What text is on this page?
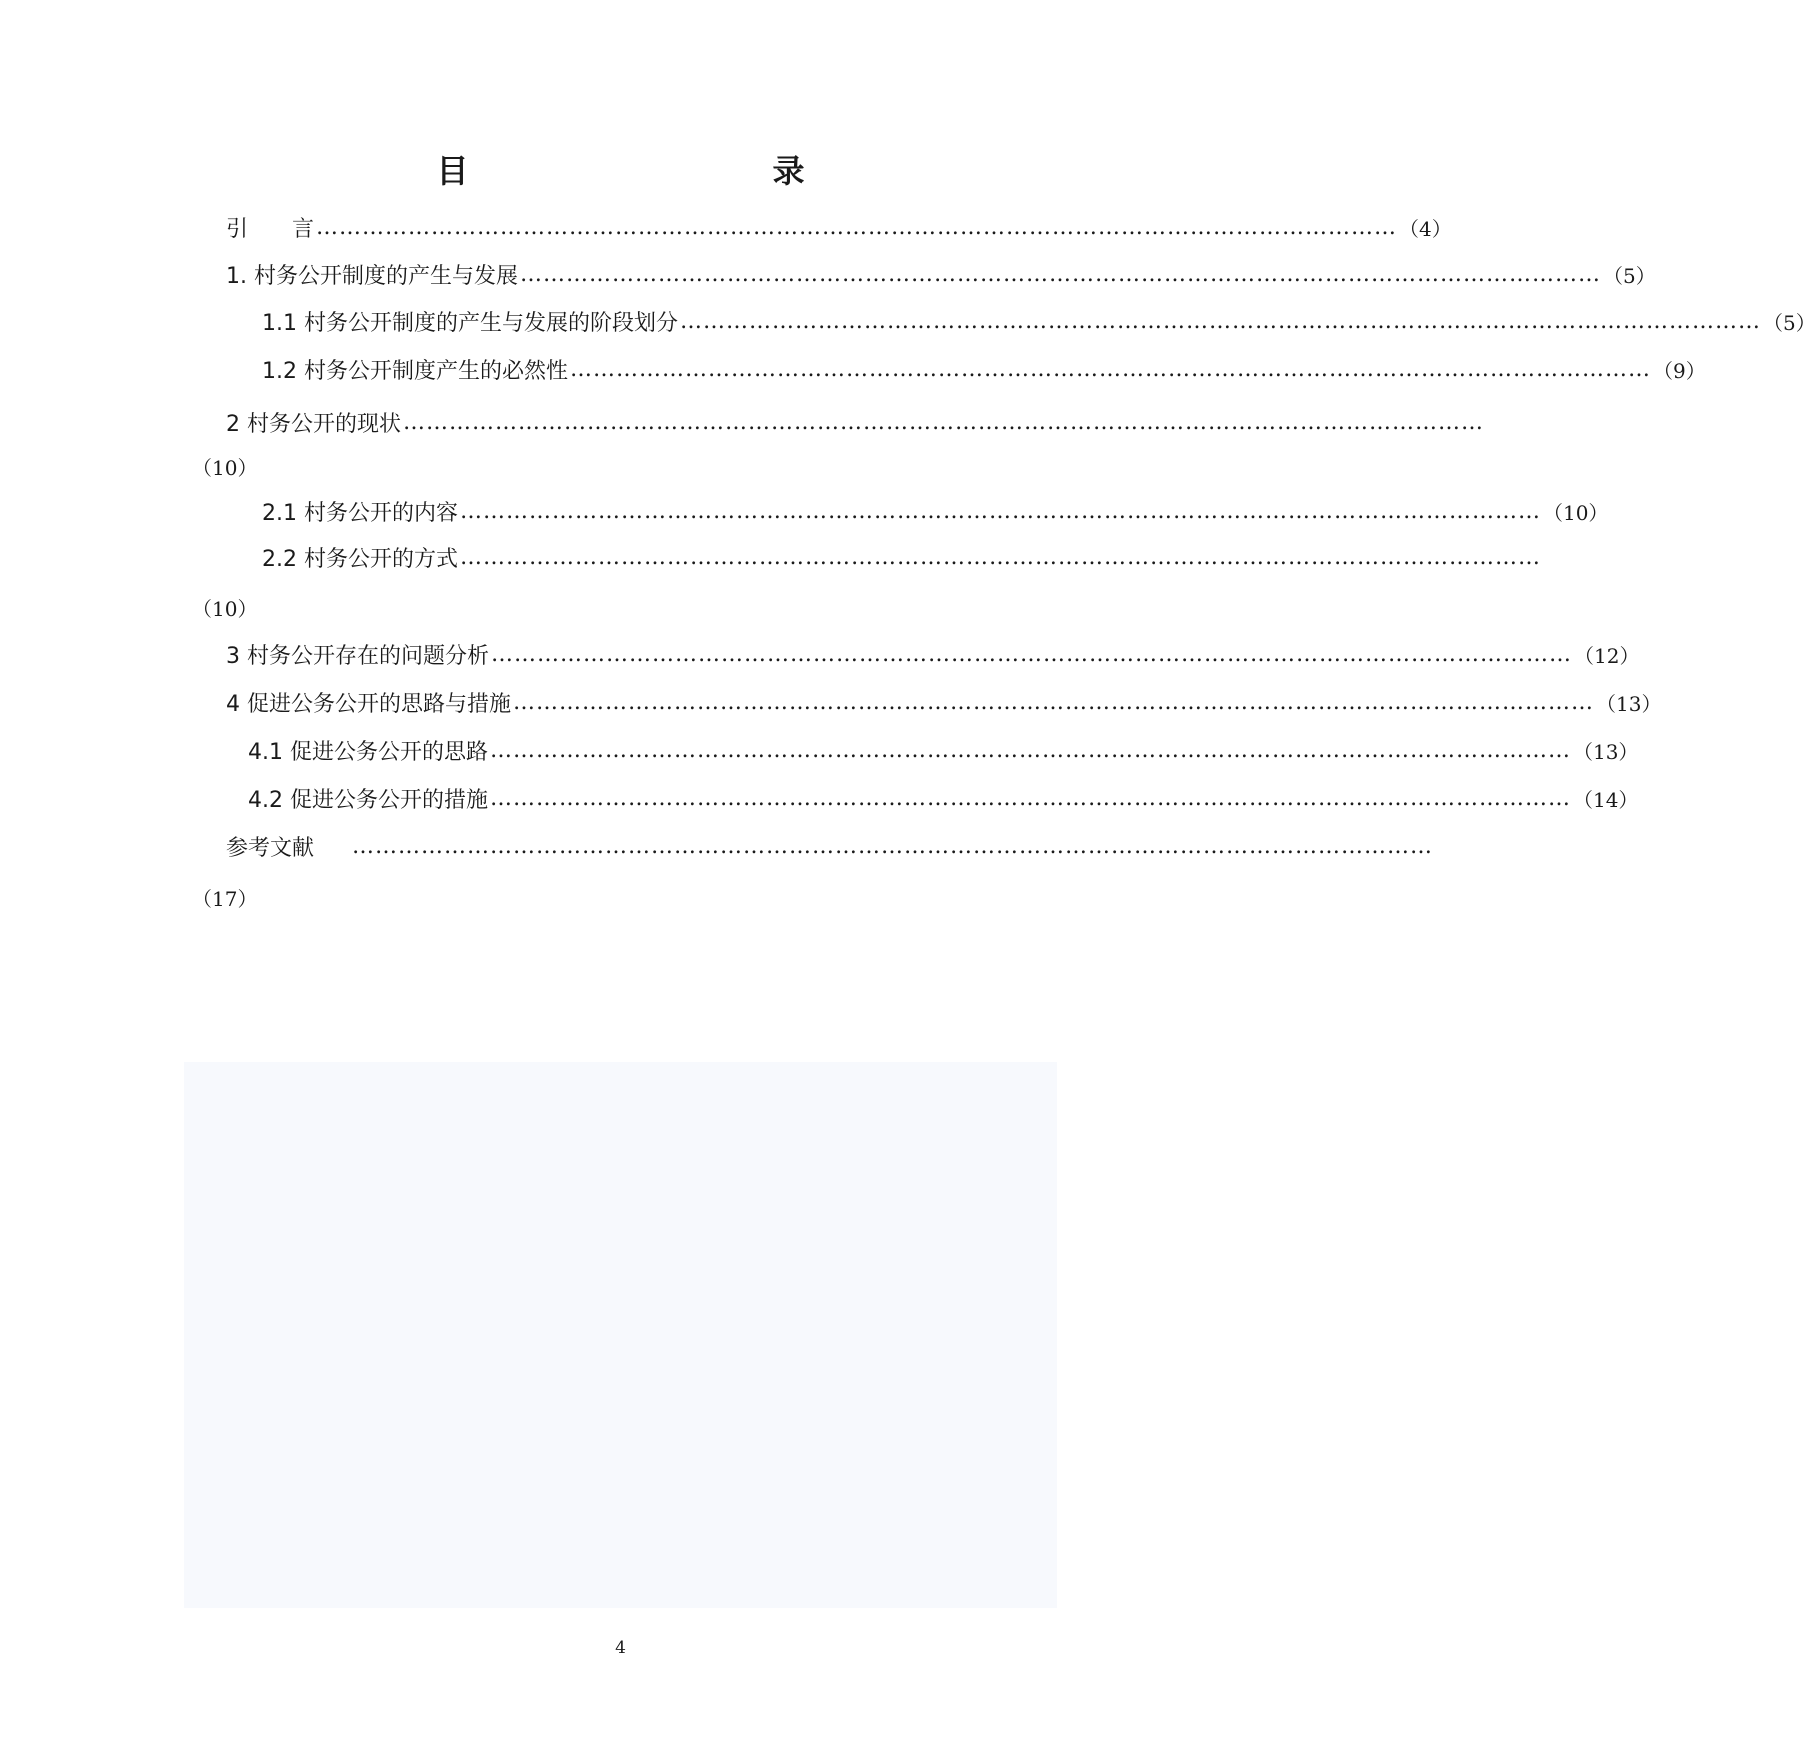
目　　录
引　　言 …………………………………………………………………………………………………………………………… （4）
1. 村务公开制度的产生与发展 …………………………………………………………………………………………………………………………… （5）
1.1 村务公开制度的产生与发展的阶段划分 …………………………………………………………………………………………………………………………… （5）
1.2 村务公开制度产生的必然性 …………………………………………………………………………………………………………………………… （9）
2 村务公开的现状 ……………………………………………………………………………………………………………………………
（10）
2.1 村务公开的内容 …………………………………………………………………………………………………………………………… （10）
2.2 村务公开的方式 ……………………………………………………………………………………………………………………………
（10）
3 村务公开存在的问题分析 …………………………………………………………………………………………………………………………… （12）
4 促进公务公开的思路与措施 …………………………………………………………………………………………………………………………… （13）
4.1 促进公务公开的思路 …………………………………………………………………………………………………………………………… （13）
4.2 促进公务公开的措施 …………………………………………………………………………………………………………………………… （14）
参考文献 ……………………………………………………………………………………………………………………………
（17）
4
